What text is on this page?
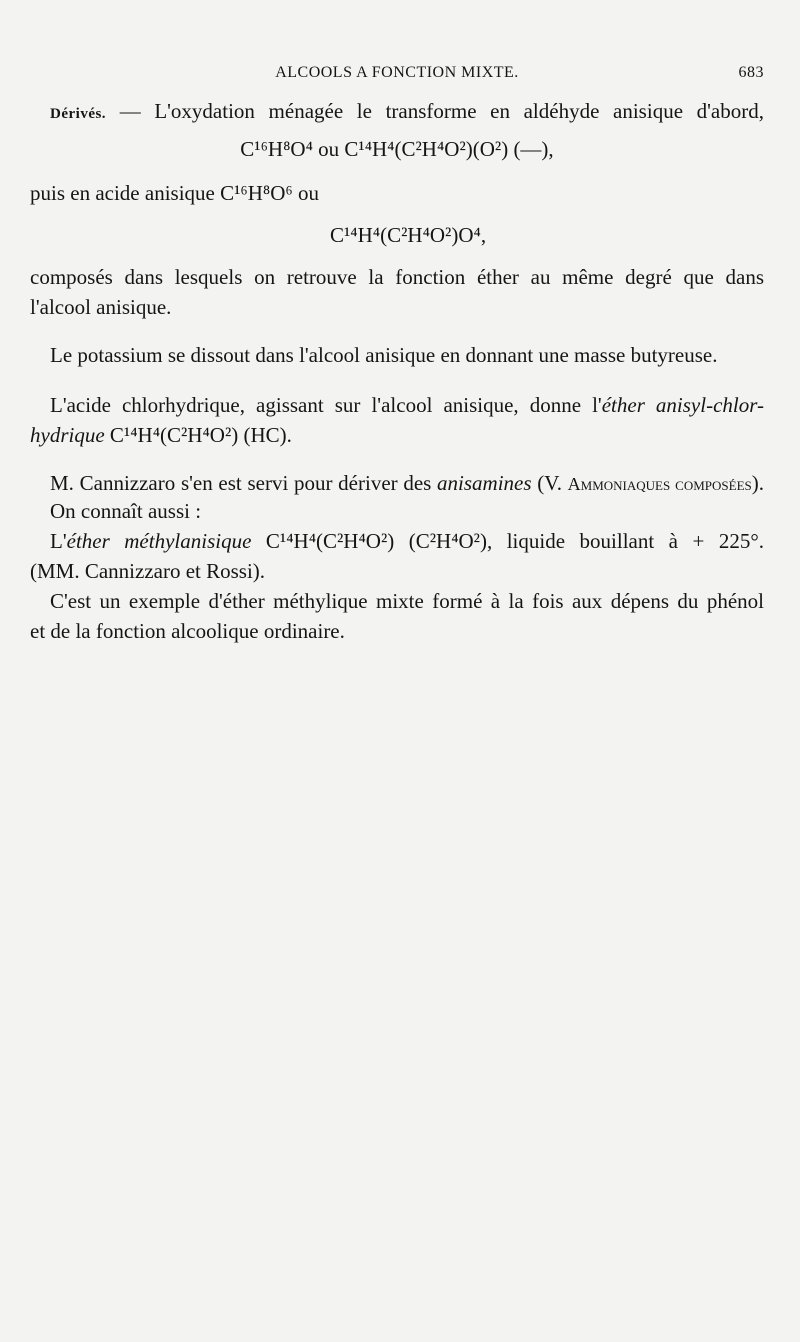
ALCOOLS A FONCTION MIXTE.	683
Dérivés. — L'oxydation ménagée le transforme en aldéhyde anisique d'abord,
C¹⁶H⁸O⁴ ou C¹⁴H⁴(C²H⁴O²)(O²) (—),
puis en acide anisique C¹⁶H⁸O⁶ ou
C¹⁴H⁴(C²H⁴O²)O⁴,
composés dans lesquels on retrouve la fonction éther au même degré que dans
l'alcool anisique.
Le potassium se dissout dans l'alcool anisique en donnant une masse butyreuse.
L'acide chlorhydrique, agissant sur l'alcool anisique, donne l'éther anisyl-chlor-
hydrique C¹⁴H⁴(C²H⁴O²) (HC).
M. Cannizzaro s'en est servi pour dériver des anisamines (V. Ammoniaques composées).
On connaît aussi :
L'éther méthylanisique C¹⁴H⁴(C²H⁴O²) (C²H⁴O²), liquide bouillant à + 225°.
(MM. Cannizzaro et Rossi).
C'est un exemple d'éther méthylique mixte formé à la fois aux dépens du phénol
et de la fonction alcoolique ordinaire.
